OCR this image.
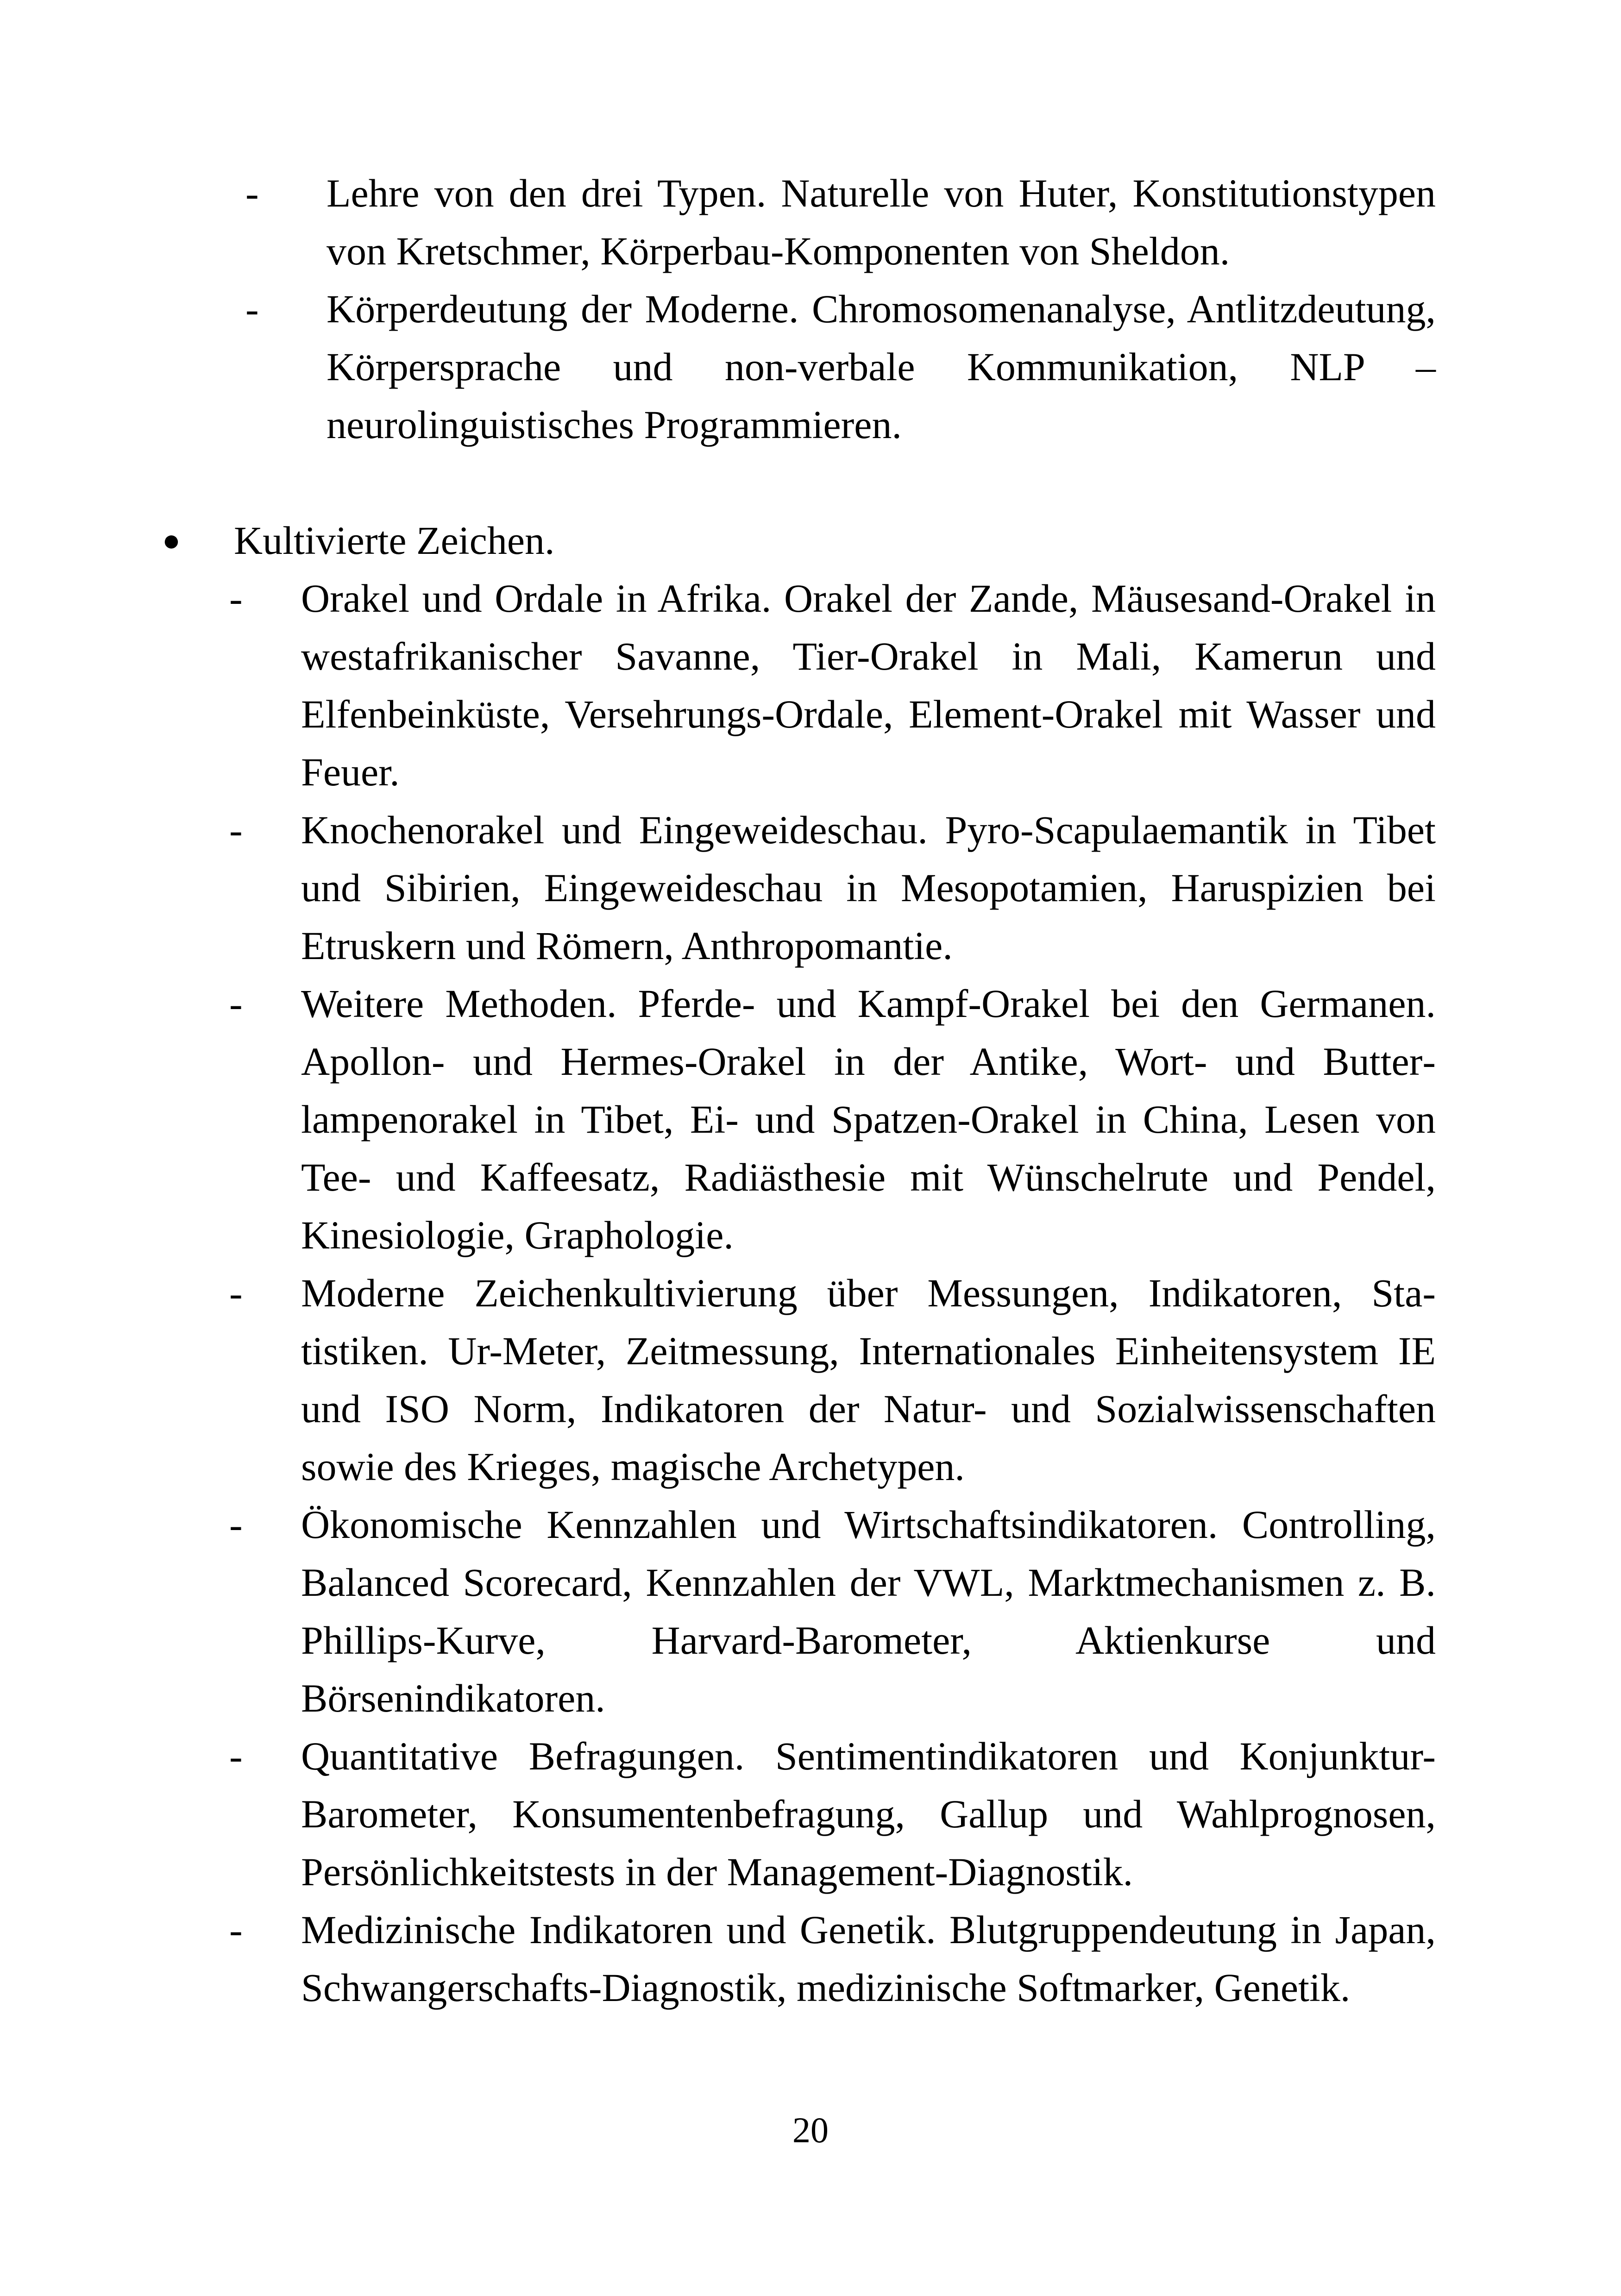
- Lehre von den drei Typen. Naturelle von Huter, Konstitutionstypen von Kretschmer, Körperbau-Komponenten von Sheldon.
- Körperdeutung der Moderne. Chromosomenanalyse, Antlitzdeutung, Körpersprache und non-verbale Kommunikation, NLP – neurolinguistisches Programmieren.
● Kultivierte Zeichen.
- Orakel und Ordale in Afrika. Orakel der Zande, Mäusesand-Orakel in westafrikanischer Savanne, Tier-Orakel in Mali, Kamerun und Elfenbeinküste, Versehrungs-Ordale, Element-Orakel mit Wasser und Feuer.
- Knochenorakel und Eingeweideschau. Pyro-Scapulaemantik in Tibet und Sibirien, Eingeweideschau in Mesopotamien, Haruspizien bei Etruskern und Römern, Anthropomantie.
- Weitere Methoden. Pferde- und Kampf-Orakel bei den Germanen. Apollon- und Hermes-Orakel in der Antike, Wort- und Butterlampenorakel in Tibet, Ei- und Spatzen-Orakel in China, Lesen von Tee- und Kaffeesatz, Radiästhesie mit Wünschelrute und Pendel, Kinesiologie, Graphologie.
- Moderne Zeichenkultivierung über Messungen, Indikatoren, Statistiken. Ur-Meter, Zeitmessung, Internationales Einheitensystem IE und ISO Norm, Indikatoren der Natur- und Sozialwissenschaften sowie des Krieges, magische Archetypen.
- Ökonomische Kennzahlen und Wirtschaftsindikatoren. Controlling, Balanced Scorecard, Kennzahlen der VWL, Marktmechanismen z. B. Phillips-Kurve, Harvard-Barometer, Aktienkurse und Börsenindikatoren.
- Quantitative Befragungen. Sentimentindikatoren und Konjunktur-Barometer, Konsumentenbefragung, Gallup und Wahlprognosen, Persönlichkeitstests in der Management-Diagnostik.
- Medizinische Indikatoren und Genetik. Blutgruppendeutung in Japan, Schwangerschafts-Diagnostik, medizinische Softmarker, Genetik.
20
